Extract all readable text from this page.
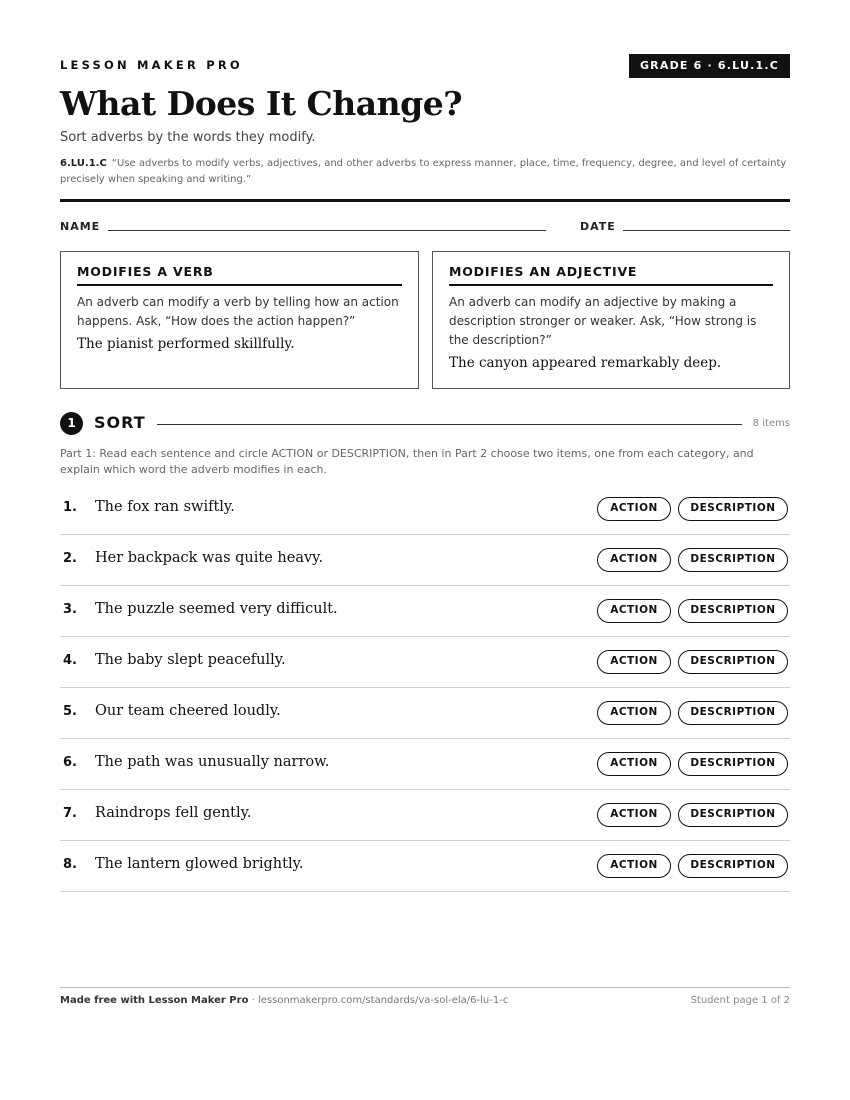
LESSON MAKER PRO	GRADE 6 · 6.LU.1.C
What Does It Change?
Sort adverbs by the words they modify.
6.LU.1.C “Use adverbs to modify verbs, adjectives, and other adverbs to express manner, place, time, frequency, degree, and level of certainty precisely when speaking and writing.”
NAME	DATE
MODIFIES A VERB
An adverb can modify a verb by telling how an action happens. Ask, “How does the action happen?”
The pianist performed skillfully.
MODIFIES AN ADJECTIVE
An adverb can modify an adjective by making a description stronger or weaker. Ask, “How strong is the description?”
The canyon appeared remarkably deep.
1	SORT	8 items
Part 1: Read each sentence and circle ACTION or DESCRIPTION, then in Part 2 choose two items, one from each category, and explain which word the adverb modifies in each.
1. The fox ran swiftly.	ACTION	DESCRIPTION
2. Her backpack was quite heavy.	ACTION	DESCRIPTION
3. The puzzle seemed very difficult.	ACTION	DESCRIPTION
4. The baby slept peacefully.	ACTION	DESCRIPTION
5. Our team cheered loudly.	ACTION	DESCRIPTION
6. The path was unusually narrow.	ACTION	DESCRIPTION
7. Raindrops fell gently.	ACTION	DESCRIPTION
8. The lantern glowed brightly.	ACTION	DESCRIPTION
Made free with Lesson Maker Pro · lessonmakerpro.com/standards/va-sol-ela/6-lu-1-c	Student page 1 of 2
